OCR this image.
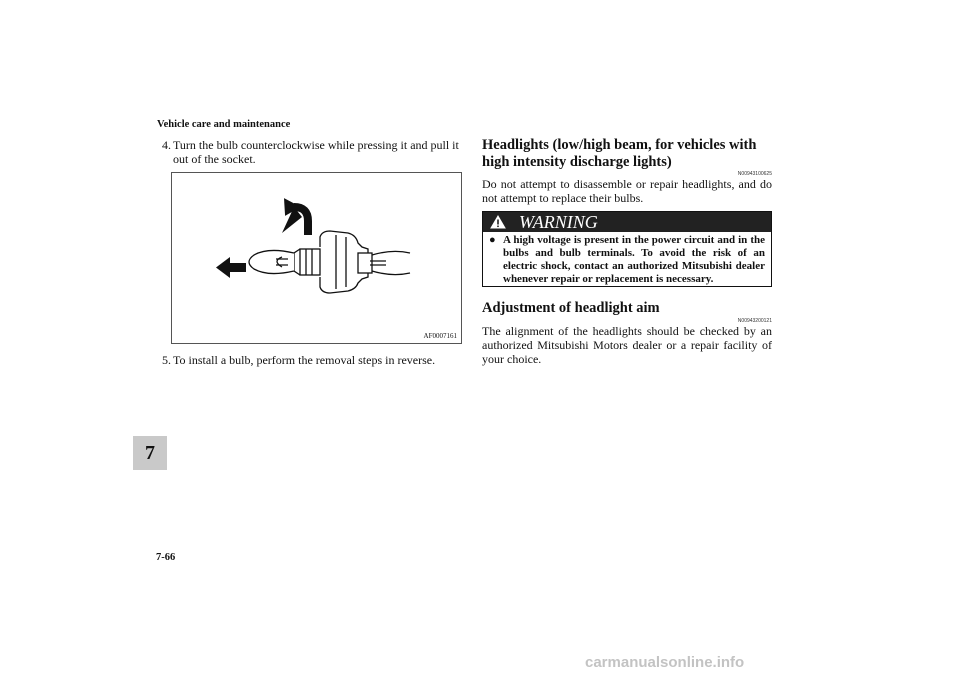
Vehicle care and maintenance
7
7-66
carmanualsonline.info
4. Turn the bulb counterclockwise while pressing it and pull it out of the socket.
AF0007161
5. To install a bulb, perform the removal steps in reverse.
Headlights (low/high beam, for vehicles with high intensity discharge lights)
N00943100625
Do not attempt to disassemble or repair headlights, and do not attempt to replace their bulbs.
WARNING
● A high voltage is present in the power circuit and in the bulbs and bulb terminals. To avoid the risk of an electric shock, contact an authorized Mitsubishi dealer whenever repair or replacement is necessary.
Adjustment of headlight aim
N00943200121
The alignment of the headlights should be checked by an authorized Mitsubishi Motors dealer or a repair facility of your choice.
